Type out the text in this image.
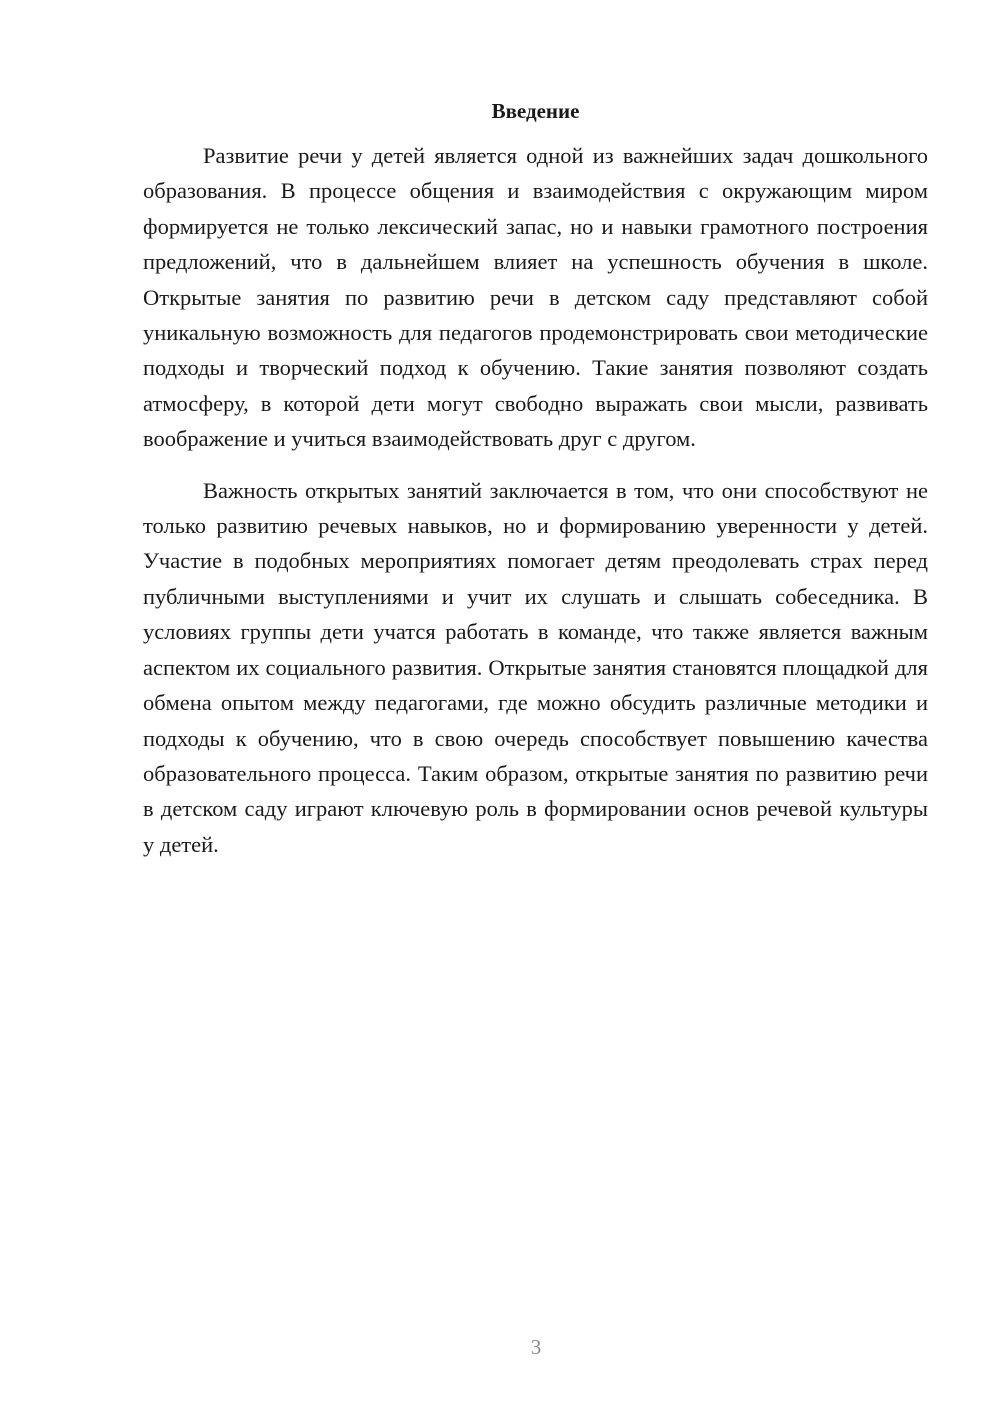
Введение

Развитие речи у детей является одной из важнейших задач дошкольного образования. В процессе общения и взаимодействия с окружающим миром формируется не только лексический запас, но и навыки грамотного построения предложений, что в дальнейшем влияет на успешность обучения в школе. Открытые занятия по развитию речи в детском саду представляют собой уникальную возможность для педагогов продемонстрировать свои методические подходы и творческий подход к обучению. Такие занятия позволяют создать атмосферу, в которой дети могут свободно выражать свои мысли, развивать воображение и учиться взаимодействовать друг с другом.

Важность открытых занятий заключается в том, что они способствуют не только развитию речевых навыков, но и формированию уверенности у детей. Участие в подобных мероприятиях помогает детям преодолевать страх перед публичными выступлениями и учит их слушать и слышать собеседника. В условиях группы дети учатся работать в команде, что также является важным аспектом их социального развития. Открытые занятия становятся площадкой для обмена опытом между педагогами, где можно обсудить различные методики и подходы к обучению, что в свою очередь способствует повышению качества образовательного процесса. Таким образом, открытые занятия по развитию речи в детском саду играют ключевую роль в формировании основ речевой культуры у детей.

3
